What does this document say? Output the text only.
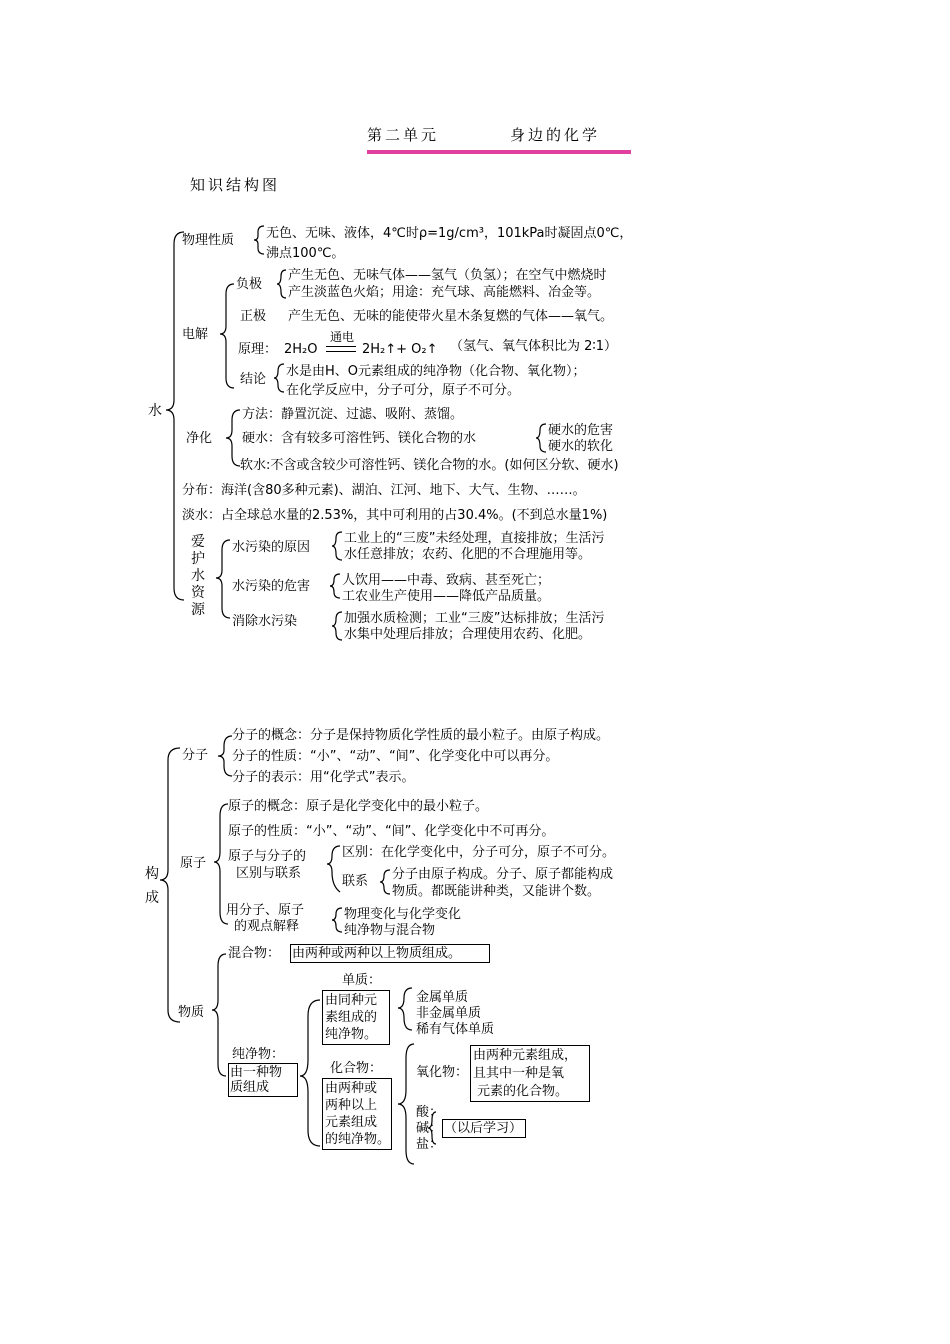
第二单元	身边的化学
知识结构图
水
物理性质 无色、无味、液体，4℃时ρ=1g/cm³，101kPa时凝固点0℃，
沸点100℃。
电解
负极
产生无色、无味气体——氢气（负氢）；在空气中燃烧时
产生淡蓝色火焰；用途：充气球、高能燃料、冶金等。
正极 产生无色、无味的能使带火星木条复燃的气体——氧气。
原理： 2H₂O
通电
2H₂↑+ O₂↑ （氢气、氧气体积比为 2∶1）
结论
水是由H、O元素组成的纯净物（化合物、氧化物）；
在化学反应中，分子可分，原子不可分。
净化
方法：静置沉淀、过滤、吸附、蒸馏。
硬水：含有较多可溶性钙、镁化合物的水
硬水的危害
硬水的软化
软水:不含或含较少可溶性钙、镁化合物的水。(如何区分软、硬水)
分布：海洋(含80多种元素)、湖泊、江河、地下、大气、生物、……。
淡水：占全球总水量的2.53%，其中可利用的占30.4%。(不到总水量1%)
爱护水资源
水污染的原因
工业上的“三废”未经处理，直接排放；生活污
水任意排放；农药、化肥的不合理施用等。
水污染的危害 人饮用——中毒、致病、甚至死亡；
工农业生产使用——降低产品质量。
消除水污染	加强水质检测；工业“三废”达标排放；生活污
水集中处理后排放；合理使用农药、化肥。
构成
分子
分子的概念：分子是保持物质化学性质的最小粒子。由原子构成。
分子的性质：“小”、“动”、“间”、化学变化中可以再分。
分子的表示：用“化学式”表示。
原子
原子的概念：原子是化学变化中的最小粒子。
原子的性质：“小”、“动”、“间”、化学变化中不可再分。
原子与分子的
区别与联系
区别：在化学变化中，分子可分，原子不可分。
联系 分子由原子构成。分子、原子都能构成
物质。都既能讲种类，又能讲个数。
用分子、原子
的观点解释
物理变化与化学变化
纯净物与混合物
物质
混合物： 由两种或两种以上物质组成。
纯净物：
由一种物
质组成
单质：
由同种元
素组成的
纯净物。
金属单质
非金属单质
稀有气体单质
化合物：
由两种或
两种以上
元素组成
的纯净物。
氧化物：
由两种元素组成，
且其中一种是氧
元素的化合物。
酸：
碱：
盐：
（以后学习）
